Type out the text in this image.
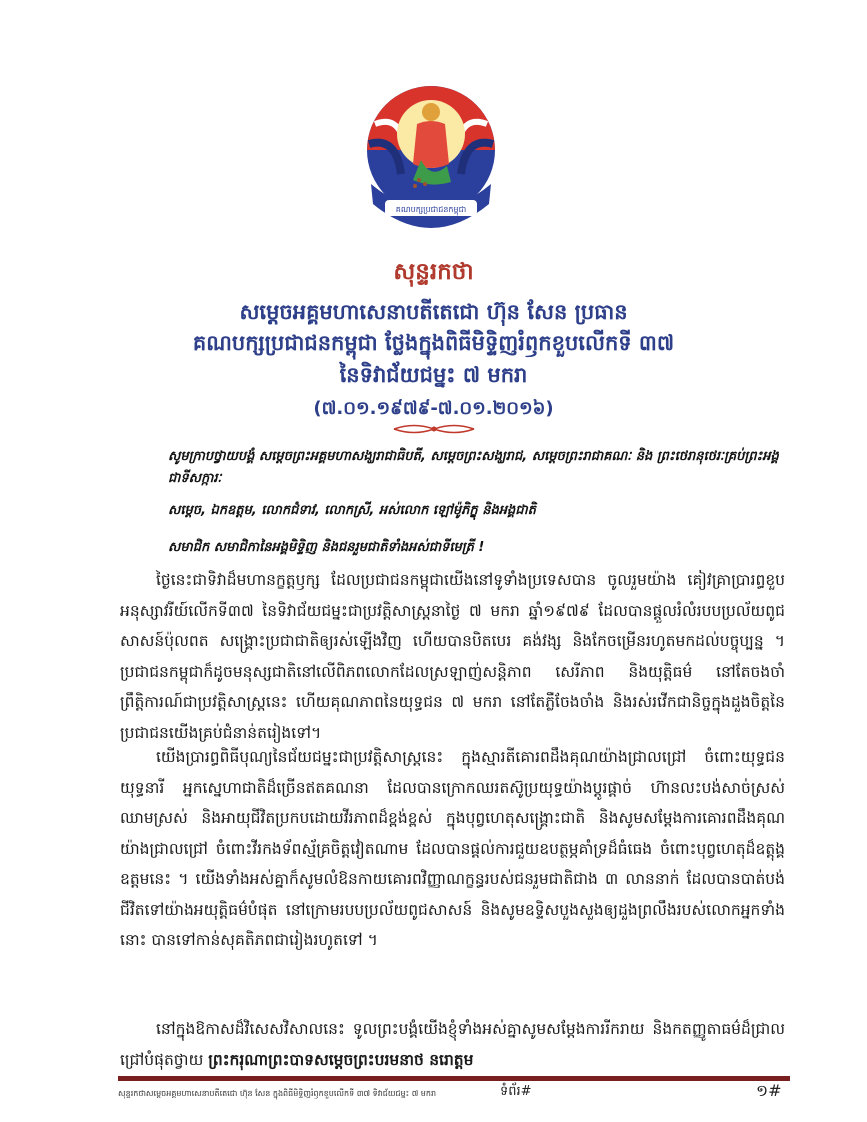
គណបក្សប្រជាជនកម្ពុជា
សុន្ទរកថា
សម្តេចអគ្គមហាសេនាបតីតេជោ ហ៊ុន សែន ប្រធាន
គណបក្សប្រជាជនកម្ពុជា ថ្លែងក្នុងពិធីមិទ្ទិញរំឭកខួបលើកទី ៣៧
នៃទិវាជ័យជម្នះ ៧ មករា
(៧.០១.១៩៧៩-៧.០១.២០១៦)
សូមក្រាបថ្វាយបង្គំ សម្តេចព្រះអគ្គមហាសង្ឃរាជាធិបតី, សម្តេចព្រះសង្ឃរាជ, សម្តេចព្រះរាជាគណៈ និង ព្រះថេរានុថេរៈគ្រប់ព្រះអង្គ ជាទីសក្ការៈ
សម្តេច, ឯកឧត្តម, លោកជំទាវ, លោកស្រី, អស់លោក ឡៅម៉ូភិក្ខុ និងអង្គជាតិ
សមាជិក សមាជិកានៃអង្គមិទ្ទិញ និងជនរួមជាតិទាំងអស់ជាទីមេត្រី !
ថ្ងៃនេះជាទិវាដ៏មហានក្ខត្តឫក្ស ដែលប្រជាជនកម្ពុជាយើងនៅទូទាំងប្រទេសបាន ចូលរួមយ៉ាង គៀវគ្រាប្រារព្ធខួបអនុស្សាវរីយ៍លើកទី៣៧ នៃទិវាជ័យជម្នះជាប្រវត្តិសាស្ត្រនាថ្ងៃ ៧ មករា ឆ្នាំ១៩៧៩ ដែលបានផ្តួលរំលំរបបប្រល័យពូជសាសន៍ប៉ុលពត សង្គ្រោះប្រជាជាតិឲ្យរស់ឡើងវិញ ហើយបានបិតបេរ គង់វង្ស និងកែចម្រើនរហូតមកដល់បច្ចុប្បន្ន ។ ប្រជាជនកម្ពុជាក៏ដូចមនុស្សជាតិនៅលើពិភពលោកដែលស្រឡាញ់សន្តិភាព សេរីភាព និងយុត្តិធម៌ នៅតែចងចាំព្រឹត្តិការណ៍ជាប្រវត្តិសាស្ត្រនេះ ហើយគុណភាពនៃយុទ្ធជន ៧ មករា នៅតែភ្លឺចែងចាំង និងរស់រវើកជានិច្ចក្នុងដួងចិត្តនៃប្រជាជនយើងគ្រប់ជំនាន់តរៀងទៅ។
យើងប្រារព្ធពិធីបុណ្យនៃជ័យជម្នះជាប្រវត្តិសាស្ត្រនេះ ក្នុងស្មារតីគោរពដឹងគុណយ៉ាងជ្រាលជ្រៅ ចំពោះយុទ្ធជន យុទ្ធនារី អ្នកស្នេហាជាតិដ៏ច្រើនឥតគណនា ដែលបានក្រោកឈរតស៊ូប្រយុទ្ធយ៉ាងប្តូរផ្តាច់ ហ៊ានលះបង់សាច់ស្រស់ ឈាមស្រស់ និងអាយុជីវិតប្រកបដោយវីរភាពដ៏ខ្ពង់ខ្ពស់ ក្នុងបុព្វហេតុសង្គ្រោះជាតិ និងសូមសម្តែងការគោរពដឹងគុណយ៉ាងជ្រាលជ្រៅ ចំពោះវីរកងទ័ពស្ម័គ្រចិត្តវៀតណាម ដែលបានផ្តល់ការជួយឧបត្ថម្ភគាំទ្រដ៏ធំធេង ចំពោះបុព្វហេតុដ៏ឧត្តុង្គឧត្តមនេះ ។ យើងទាំងអស់គ្នាក៏សូមលំឱនកាយគោរពវិញ្ញាណក្ខន្ធរបស់ជនរួមជាតិជាង ៣ លាននាក់ ដែលបានបាត់បង់ជីវិតទៅយ៉ាងអយុត្តិធម៌បំផុត នៅក្រោមរបបប្រល័យពូជសាសន៍ និងសូមឧទ្ទិសបួងសួងឲ្យដួងព្រលឹងរបស់លោកអ្នកទាំងនោះ បានទៅកាន់សុគតិភពជារៀងរហូតទៅ ។
នៅក្នុងឱកាសដ៏វិសេសវិសាលនេះ ទូលព្រះបង្គំយើងខ្ញុំទាំងអស់គ្នាសូមសម្តែងការរីករាយ និងកតញ្ញូតាធម៌ដ៏ជ្រាលជ្រៅបំផុតថ្វាយ ព្រះករុណាព្រះបាទសម្តេចព្រះបរមនាថ នរោត្តម
សុន្ទរកថាសម្តេចអគ្គមហាសេនាបតីតេជោ ហ៊ុន សែន ក្នុងពិធីមិទ្ទិញរំឭកខួបលើកទី ៣៧ ទិវាជ័យជម្នះ ៧ មករា	ទំព័រ#	១#
